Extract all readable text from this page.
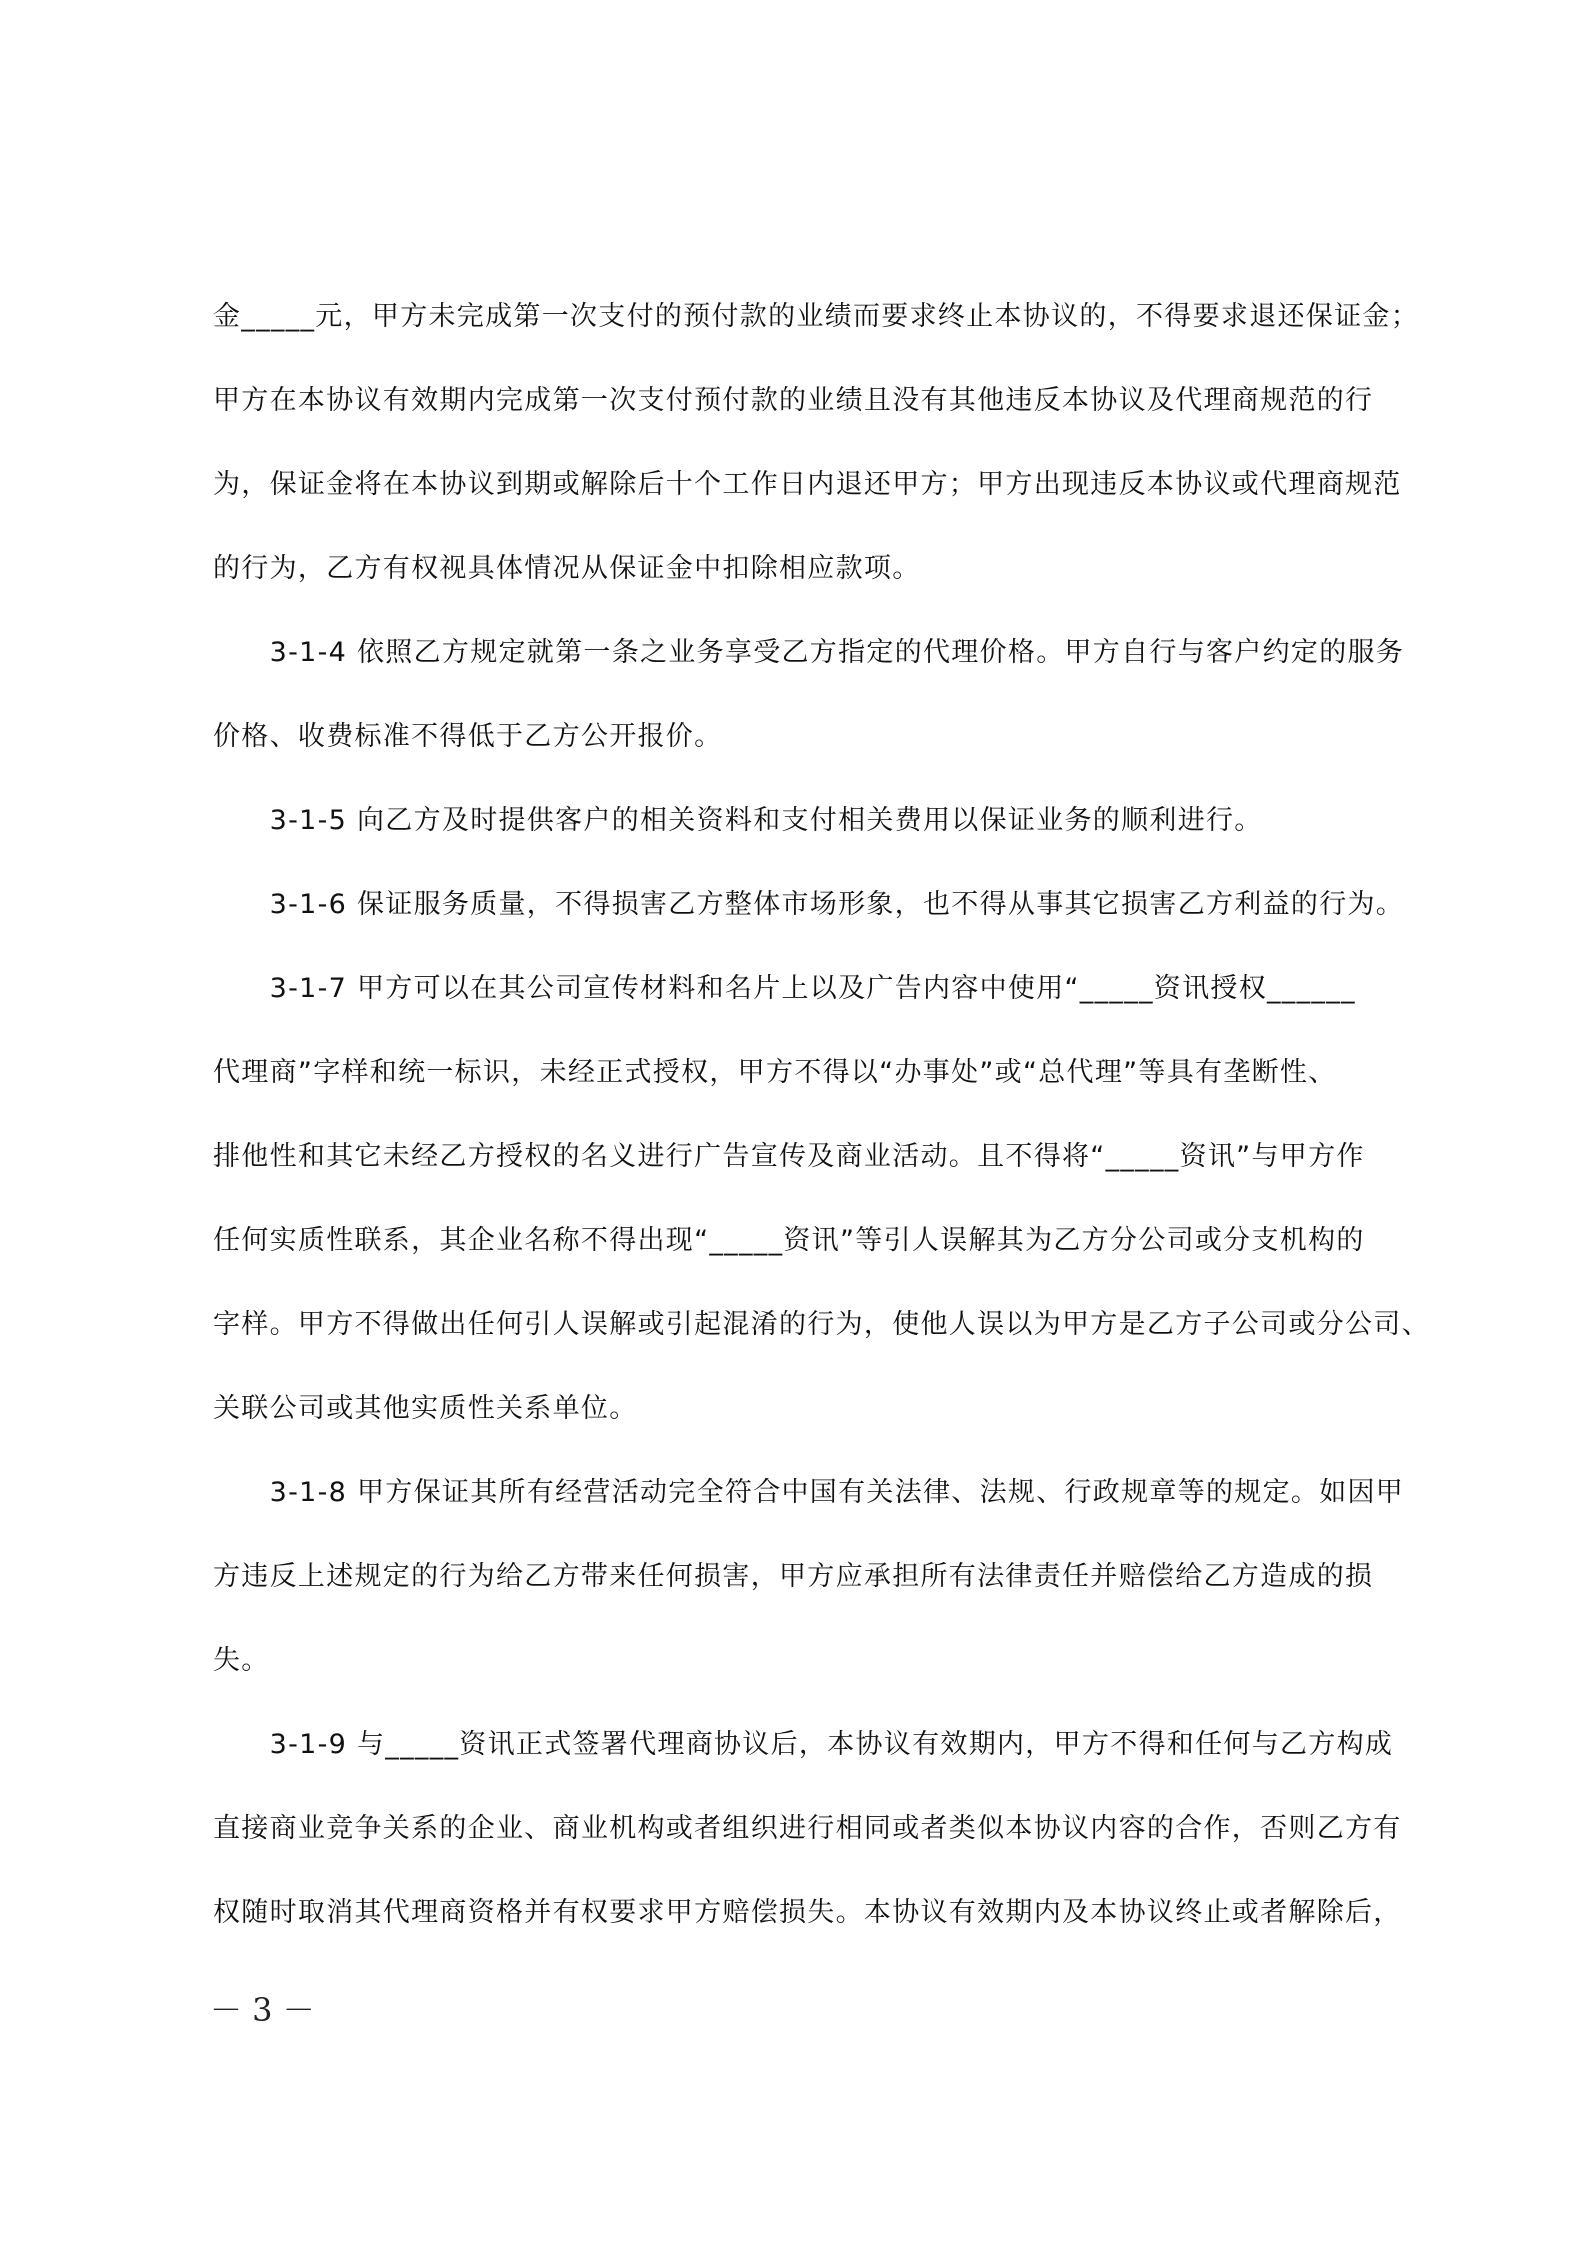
金_____元，甲方未完成第一次支付的预付款的业绩而要求终止本协议的，不得要求退还保证金；
甲方在本协议有效期内完成第一次支付预付款的业绩且没有其他违反本协议及代理商规范的行
为，保证金将在本协议到期或解除后十个工作日内退还甲方；甲方出现违反本协议或代理商规范
的行为，乙方有权视具体情况从保证金中扣除相应款项。
　　3-1-4 依照乙方规定就第一条之业务享受乙方指定的代理价格。甲方自行与客户约定的服务
价格、收费标准不得低于乙方公开报价。
　　3-1-5 向乙方及时提供客户的相关资料和支付相关费用以保证业务的顺利进行。
　　3-1-6 保证服务质量，不得损害乙方整体市场形象，也不得从事其它损害乙方利益的行为。
　　3-1-7 甲方可以在其公司宣传材料和名片上以及广告内容中使用“_____资讯授权______
代理商”字样和统一标识，未经正式授权，甲方不得以“办事处”或“总代理”等具有垄断性、
排他性和其它未经乙方授权的名义进行广告宣传及商业活动。且不得将“_____资讯”与甲方作
任何实质性联系，其企业名称不得出现“_____资讯”等引人误解其为乙方分公司或分支机构的
字样。甲方不得做出任何引人误解或引起混淆的行为，使他人误以为甲方是乙方子公司或分公司、
关联公司或其他实质性关系单位。
　　3-1-8 甲方保证其所有经营活动完全符合中国有关法律、法规、行政规章等的规定。如因甲
方违反上述规定的行为给乙方带来任何损害，甲方应承担所有法律责任并赔偿给乙方造成的损
失。
　　3-1-9 与_____资讯正式签署代理商协议后，本协议有效期内，甲方不得和任何与乙方构成
直接商业竞争关系的企业、商业机构或者组织进行相同或者类似本协议内容的合作，否则乙方有
权随时取消其代理商资格并有权要求甲方赔偿损失。本协议有效期内及本协议终止或者解除后，
－ 3 －
